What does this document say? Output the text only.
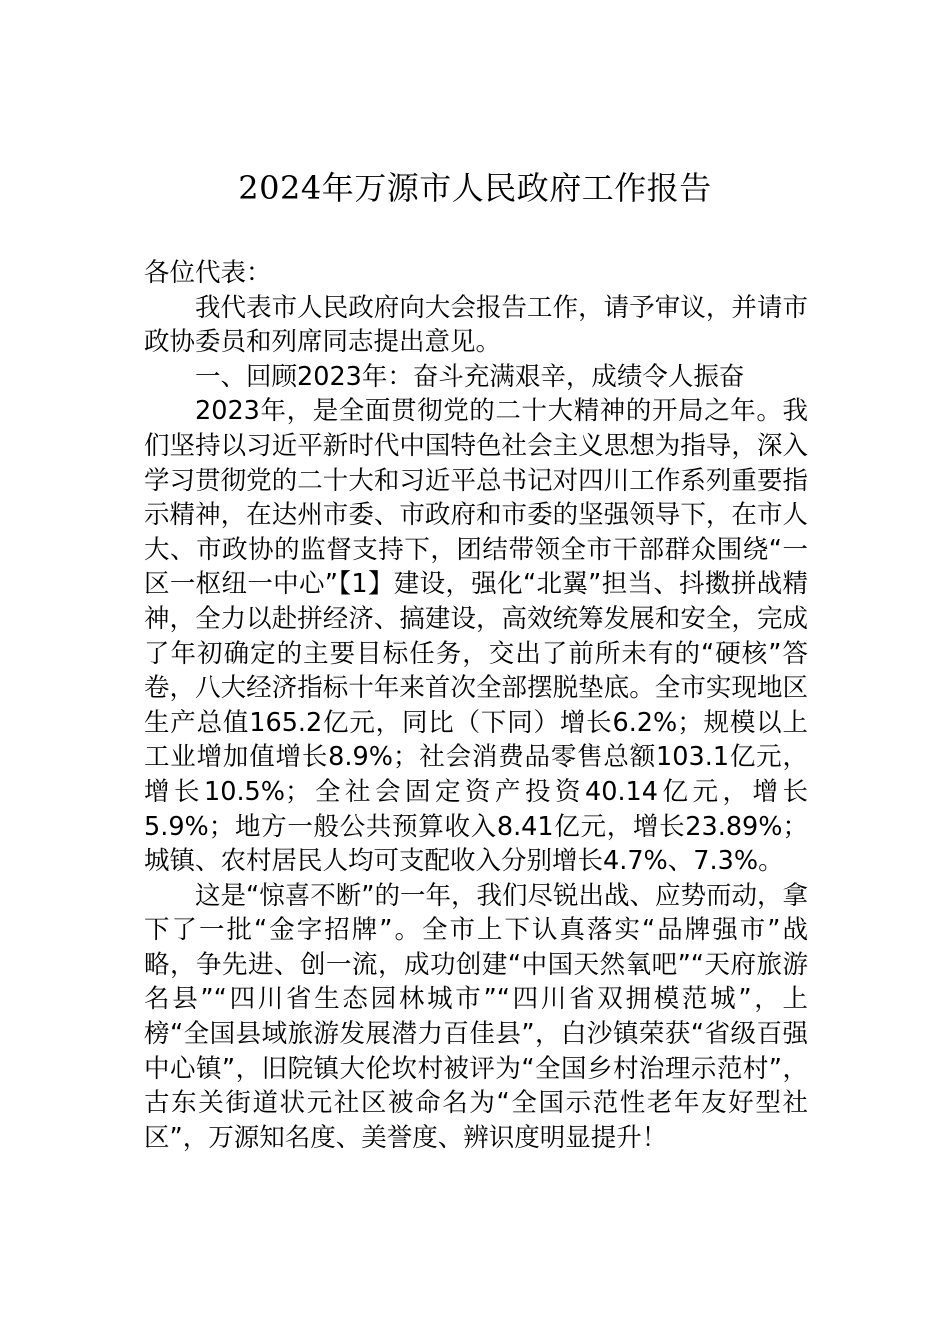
2024年万源市人民政府工作报告

各位代表：

我代表市人民政府向大会报告工作，请予审议，并请市政协委员和列席同志提出意见。

一、回顾2023年：奋斗充满艰辛，成绩令人振奋

2023年，是全面贯彻党的二十大精神的开局之年。我们坚持以习近平新时代中国特色社会主义思想为指导，深入学习贯彻党的二十大和习近平总书记对四川工作系列重要指示精神，在达州市委、市政府和市委的坚强领导下，在市人大、市政协的监督支持下，团结带领全市干部群众围绕“一区一枢纽一中心”【1】建设，强化“北翼”担当、抖擞拼战精神，全力以赴拼经济、搞建设，高效统筹发展和安全，完成了年初确定的主要目标任务，交出了前所未有的“硬核”答卷，八大经济指标十年来首次全部摆脱垫底。全市实现地区生产总值165.2亿元，同比（下同）增长6.2%；规模以上工业增加值增长8.9%；社会消费品零售总额103.1亿元，增长10.5%；全社会固定资产投资40.14亿元，增长5.9%；地方一般公共预算收入8.41亿元，增长23.89%；城镇、农村居民人均可支配收入分别增长4.7%、7.3%。

这是“惊喜不断”的一年，我们尽锐出战、应势而动，拿下了一批“金字招牌”。全市上下认真落实“品牌强市”战略，争先进、创一流，成功创建“中国天然氧吧”“天府旅游名县”“四川省生态园林城市”“四川省双拥模范城”，上榜“全国县域旅游发展潜力百佳县”，白沙镇荣获“省级百强中心镇”，旧院镇大伦坎村被评为“全国乡村治理示范村”，古东关街道状元社区被命名为“全国示范性老年友好型社区”，万源知名度、美誉度、辨识度明显提升！
